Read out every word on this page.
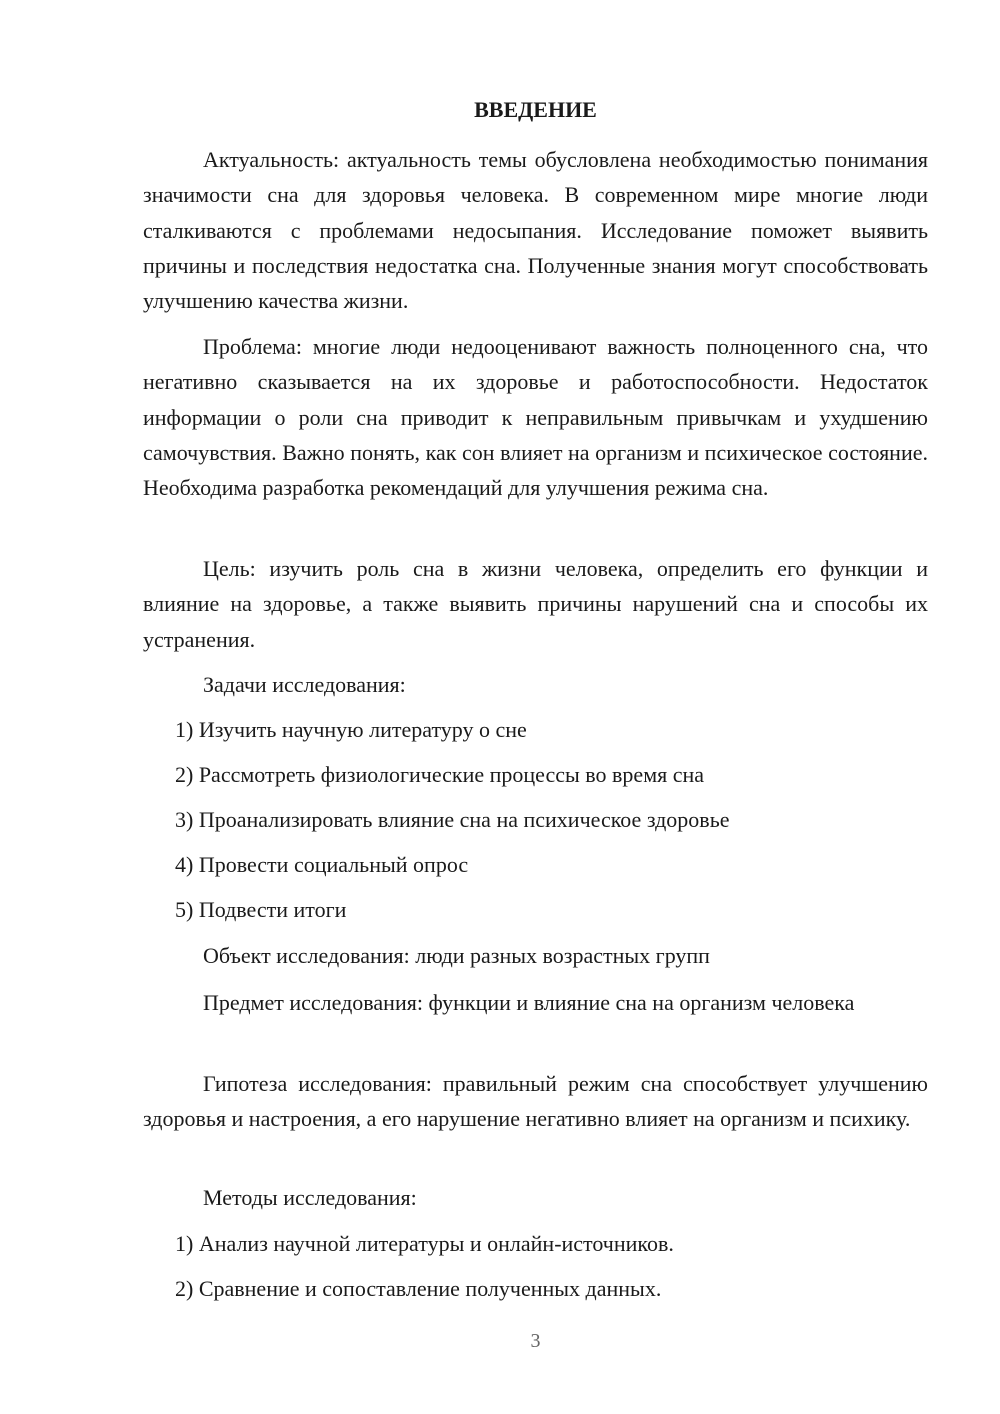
ВВЕДЕНИЕ

Актуальность: актуальность темы обусловлена необходимостью понимания значимости сна для здоровья человека. В современном мире многие люди сталкиваются с проблемами недосыпания. Исследование поможет выявить причины и последствия недостатка сна. Полученные знания могут способствовать улучшению качества жизни.

Проблема: многие люди недооценивают важность полноценного сна, что негативно сказывается на их здоровье и работоспособности. Недостаток информации о роли сна приводит к неправильным привычкам и ухудшению самочувствия. Важно понять, как сон влияет на организм и психическое состояние. Необходима разработка рекомендаций для улучшения режима сна.

Цель: изучить роль сна в жизни человека, определить его функции и влияние на здоровье, а также выявить причины нарушений сна и способы их устранения.

Задачи исследования:

1) Изучить научную литературу о сне

2) Рассмотреть физиологические процессы во время сна

3) Проанализировать влияние сна на психическое здоровье

4) Провести социальный опрос

5) Подвести итоги

Объект исследования: люди разных возрастных групп

Предмет исследования: функции и влияние сна на организм человека

Гипотеза исследования: правильный режим сна способствует улучшению здоровья и настроения, а его нарушение негативно влияет на организм и психику.

Методы исследования:

1) Анализ научной литературы и онлайн-источников.

2) Сравнение и сопоставление полученных данных.

3
